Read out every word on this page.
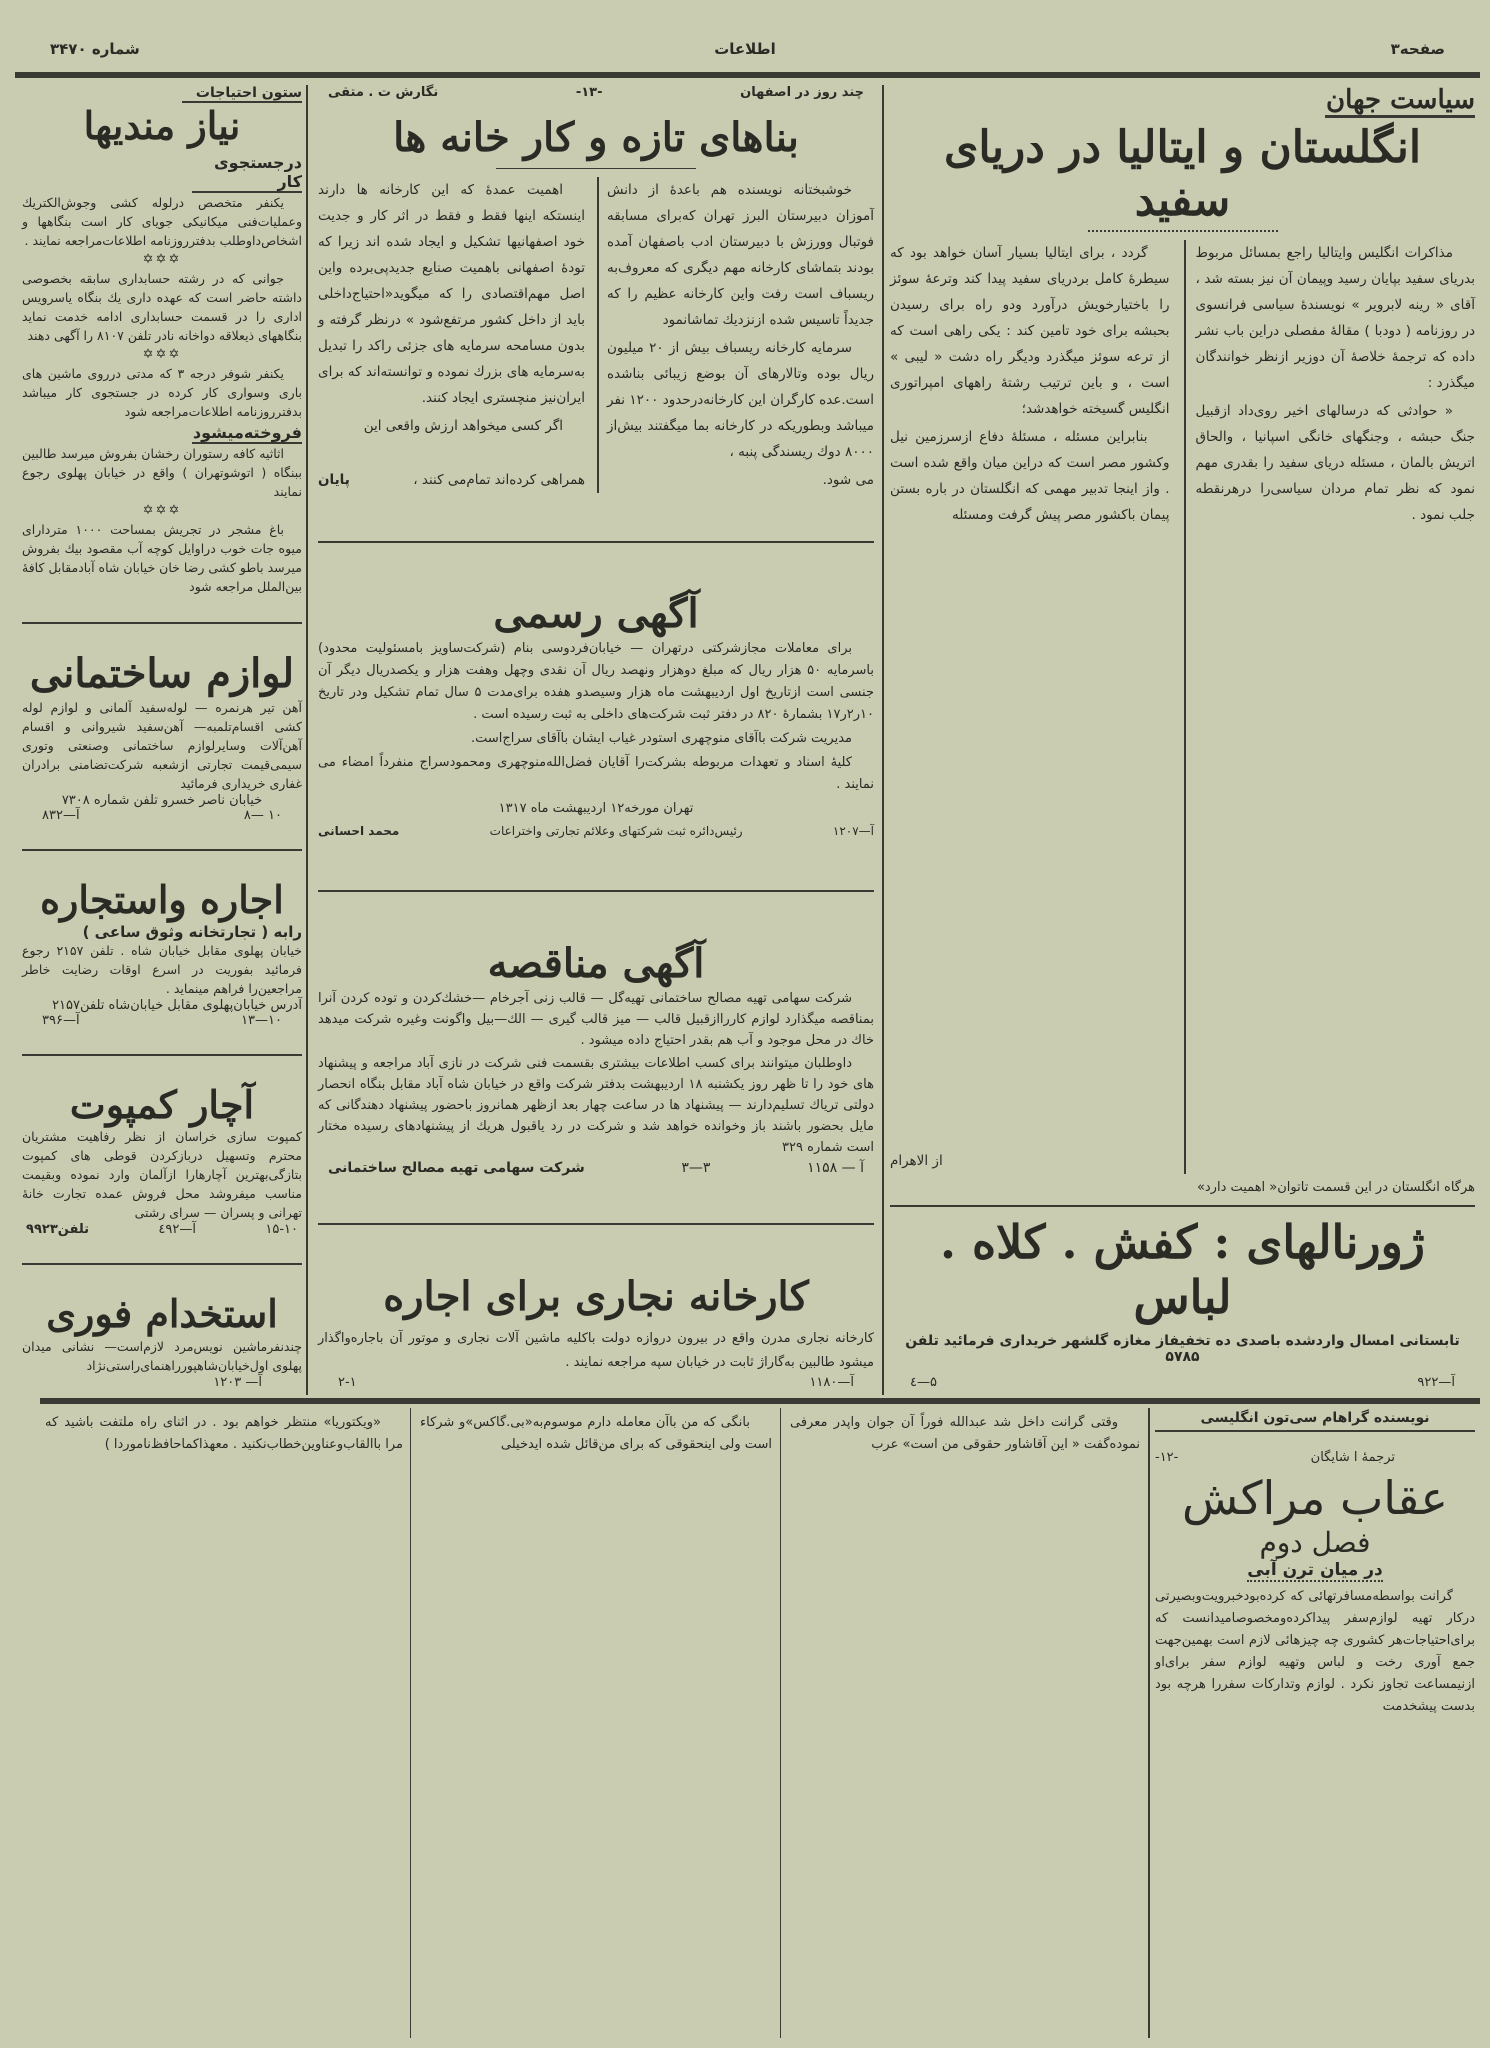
صفحه۳
اطلاعات
شماره ۳۴۷۰
سیاست جهان
انگلستان و ایتالیا در دریای سفید

مذاکرات انگلیس وایتالیا راجع بمسائل مربوط بدریای سفید بپایان رسید وپیمان آن نیز بسته شد ، آقای « رینه لابرویر » نویسندهٔ سیاسی فرانسوی در روزنامه ( دودبا ) مقالهٔ مفصلی دراین باب نشر داده که ترجمهٔ خلاصهٔ آن دوزیر ازنظر خوانندگان میگذرد :

« حوادثی که درسالهای اخیر روی‌داد ازقبیل جنگ حبشه ، وجنگهای خانگی اسپانیا ، والحاق اتریش بالمان ، مسئله دریای سفید را بقدری مهم نمود که نظر تمام مردان سیاسی‌را درهرنقطه جلب نمود .

گردد ، برای ایتالیا بسیار آسان خواهد بود که سیطرهٔ کامل بردریای سفید پیدا کند وترعهٔ سوئز را باختیارخویش درآورد ودو راه برای رسیدن بحبشه برای خود تامین کند : یکی راهی است که از ترعه سوئز میگذرد ودیگر راه دشت « لیبی » است ، و باین ترتیب رشتهٔ راههای امپراتوری انگلیس گسیخته خواهدشد؛

بنابراین مسئله ، مسئلهٔ دفاع ازسرزمین نیل وکشور مصر است که دراین میان واقع شده است . واز اینجا تدبیر مهمی که انگلستان در باره بستن پیمان باکشور مصر پیش گرفت ومسئله

از الاهرام
هرگاه انگلستان در این قسمت تاتوان« اهمیت دارد»
ژورنالهای : کفش . کلاه . لباس
تابستانی امسال واردشده باصدی ده تخفیفاز مغازه گلشهر خریداری فرمائید تلفن ۵۷۸۵
آ—۹۲۲
۵—٤
چند روز در اصفهان
-۱۳-
نگارش ت . متقی
بناهای تازه و کار خانه ها

خوشبختانه نویسنده هم باعدهٔ از دانش آموزان دبیرستان البرز تهران که‌برای مسابقه فوتبال وورزش با دبیرستان ادب باصفهان آمده بودند بتماشای کارخانه مهم دیگری که معروف‌به ریسباف است رفت واین کارخانه عظیم را که جدیداً تاسیس شده ازنزدیك تماشانمود

سرمایه کارخانه ریسباف بیش از ۲۰ میلیون ریال بوده وتالارهای آن بوضع زیبائی بناشده است.عده کارگران این کارخانه‌درحدود ۱۲۰۰ نفر میباشد وبطوریکه در کارخانه بما میگفتند بیش‌از ۸۰۰۰ دوك ریسندگی پنبه ،

می شود.

اهمیت عمدهٔ که این کارخانه ها دارند اینستکه اینها فقط و فقط در اثر کار و جدیت خود اصفهانیها تشکیل و ایجاد شده اند زیرا که تودهٔ اصفهانی باهمیت صنایع جدیدپی‌برده واین اصل مهم‌اقتصادی را که میگوید«احتیاج‌داخلی باید از داخل کشور مرتفع‌شود » درنظر گرفته و بدون مسامحه سرمایه های جزئی راکد را تبدیل به‌سرمایه های بزرك نموده و توانسته‌اند که برای ایران‌نیز منچستری ایجاد کنند.

اگر کسی میخواهد ارزش واقعی این

همراهی کرده‌اند تمام‌می کنند ،
پایان
آگهی رسمی

برای معاملات مجازشرکتی درتهران — خیابان‌فردوسی بنام (شرکت‌ساویز بامسئولیت محدود) باسرمایه ۵۰ هزار ریال که مبلغ دوهزار ونهصد ریال آن نقدی وچهل وهفت هزار و یکصدریال دیگر آن جنسی است ازتاریخ اول اردیبهشت ماه هزار وسیصدو هفده برای‌مدت ۵ سال تمام تشکیل ودر تاریخ ۱۰ر۲ر۱۷ بشمارهٔ ۸۲۰ در دفتر ثبت شرکت‌های داخلی به ثبت رسیده است .

مدیریت شرکت باآقای منوچهری استودر غیاب ایشان باآقای سراج‌است.

کلیهٔ اسناد و تعهدات مربوطه بشرکت‌را آقایان فضل‌الله‌منوچهری ومحمودسراج منفرداً امضاء می نمایند .

تهران مورخه۱۲ اردیبهشت ماه ۱۳۱۷
آ—۱۲۰۷
رئیس‌دائره ثبت شرکتهای وعلائم تجارتی واختراعات
محمد احسانی
آگهی مناقصه

شرکت سهامی تهیه مصالح ساختمانی تهیه‌گل — قالب زنی آجرخام —خشك‌کردن و توده کردن آنرا بمناقصه میگذارد لوازم کاررا‌ازقبیل قالب — میز قالب گیری — الك—بیل واگونت وغیره شرکت میدهد خاك در محل موجود و آب هم بقدر احتیاج داده میشود .

داوطلبان میتوانند برای کسب اطلاعات بیشتری بقسمت فنی شرکت در نازی آباد مراجعه و پیشنهاد های خود را تا ظهر روز یکشنبه ۱۸ اردیبهشت بدفتر شرکت واقع در خیابان شاه آباد مقابل بنگاه انحصار دولتی تریاك تسلیم‌دارند — پیشنهاد ها در ساعت چهار بعد ازظهر همانروز باحضور پیشنهاد دهندگانی که مایل بحضور باشند باز وخوانده خواهد شد و شرکت در رد یاقبول هریك از پیشنهادهای رسیده مختار است شماره ۳۲۹

آ — ۱۱۵۸
۳—۳
شرکت سهامی تهیه مصالح ساختمانی
کارخانه نجاری برای اجاره
کارخانه نجاری مدرن واقع در بیرون دروازه دولت باکلیه ماشین آلات نجاری و موتور آن باجاره‌واگذار میشود طالبین به‌گاراژ ثابت در خیابان سپه مراجعه نمایند .
آ—۱۱۸۰
۲-۱
ستون احتیاجات
نیاز مندیها
درجستجوی کار

یکنفر متخصص درلوله کشی وجوش‌الکتریك وعملیات‌فنی میکانیکی جویای کار است بنگاهها و اشخاص‌داوطلب بدفترروزنامه اطلاعات‌مراجعه نمایند .

✡✡✡

جوانی که در رشته حسابداری سابقه بخصوصی داشته حاضر است که عهده داری یك بنگاه یاسرویس اداری را در قسمت حسابداری ادامه خدمت نماید بنگاههای ذیعلاقه دواخانه نادر تلفن ۸۱۰۷ را آگهی دهند

✡✡✡

یکنفر شوفر درجه ۳ که مدتی درروی ماشین های باری وسواری کار کرده در جستجوی کار میباشد بدفترروزنامه اطلاعات‌مراجعه شود

فروخته‌میشود

اثاثیه کافه رستوران رخشان بفروش میرسد طالبین ببنگاه ( اتوشوتهران ) واقع در خیابان پهلوی رجوع نمایند

✡✡✡

باغ مشجر در تجریش بمساحت ۱۰۰۰ متردارای میوه جات خوب دراوایل کوچه آب مقصود بیك بفروش میرسد باطو کشی رضا خان خیابان شاه آبادمقابل کافهٔ بین‌الملل مراجعه شود

لوازم ساختمانی
آهن تیر هرنمره — لوله‌سفید آلمانی و لوازم لوله کشی اقسام‌تلمبه— آهن‌سفید شیروانی و اقسام آهن‌آلات وسایرلوازم ساختمانی وصنعتی وتوری سیمی‌قیمت تجارتی ازشعبه شرکت‌تضامنی برادران غفاری خریداری فرمائید
خیابان ناصر خسرو تلفن شماره ۷۳۰۸
۱۰ —۸
آ—۸۳۲
اجاره واستجاره
رابه ( تجارتخانه وثوق ساعی )
خیابان پهلوی مقابل خیابان شاه . تلفن ۲۱۵۷ رجوع فرمائید بفوریت در اسرع اوقات رضایت خاطر مراجعین‌را فراهم مینماید .
آدرس خیابان‌پهلوی مقابل خیابان‌شاه تلفن۲۱۵۷
۱۰—۱۳
آ—۳۹۶
آچار کمپوت
کمپوت سازی خراسان از نظر رفاهیت مشتریان محترم وتسهیل درباز‌کردن قوطی های کمپوت بتازگی‌بهترین آچارهارا ازآلمان وارد نموده وبقیمت مناسب میفروشد محل فروش عمده تجارت خانهٔ تهرانی و پسران — سرای رشتی
۱۵-۱۰
آ—٤۹۲
تلفن۹۹۲۳
استخدام فوری
چندنفرماشین نویس‌مرد لازم‌است— نشانی میدان پهلوی اول‌خیابان‌شاهپورراهنمای‌راستی‌نژاد
آ— ۱۲۰۳
نویسنده گراهام سی‌تون انگلیسی
ترجمهٔ ا شایگان
-۱۲-
عقاب مراکش
فصل دوم
در میان ترن آبی

گرانت بواسطه‌مسافرتهائی که کرده‌بودخبرویت‌وبصیرتی درکار تهیه لوازم‌سفر پیدا‌کرده‌ومخصوصا‌میدانست که برای‌احتیاجات‌هر کشوری چه چیزهائی لازم است بهمین‌جهت جمع آوری رخت و لباس وتهیه لوازم سفر برای‌او ازنیمساعت تجاوز نکرد . لوازم وتدارکات سفررا هرچه بود بدست پیشخدمت

وقتی گرانت داخل شد عبدالله فوراً آن جوان واپدر معرفی نموده‌گفت « این آقا‌شاور حقوقی من است» عرب

بانگی که من باآن معامله دارم موسوم‌به«بی.گاکس»و شرکاء است ولی اینحقوقی که برای من‌قائل شده ایدخیلی

«ویکتوریا» منتظر خواهم بود . در اثنای راه ملتفت باشید که مرا باالقاب‌وعناوین‌خطاب‌نکنید . معهذاکماحافظ‌ناموردا )
